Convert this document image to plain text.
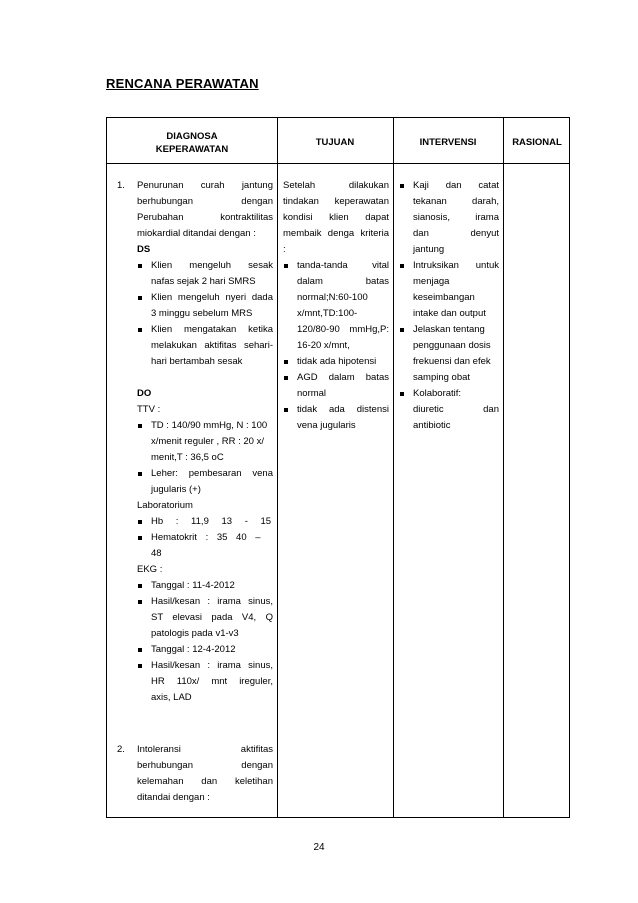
RENCANA PERAWATAN
DIAGNOSA
KEPERAWATAN
TUJUAN	INTERVENSI	RASIONAL
1. Penurunan curah jantung
berhubungan dengan
Perubahan kontraktilitas
miokardial ditandai dengan :
DS
Klien mengeluh sesak
nafas sejak 2 hari SMRS
Klien mengeluh nyeri dada
3 minggu sebelum MRS
Klien mengatakan ketika
melakukan aktifitas sehari-
hari bertambah sesak
DO
TTV :
TD : 140/90 mmHg, N : 100
x/menit reguler , RR : 20 x/
menit,T : 36,5 oC
Leher: pembesaran vena
jugularis (+)
Laboratorium
Hb : 11,9 13 - 15
Hematokrit : 35 40 –
48
EKG :
Tanggal : 11-4-2012
Hasil/kesan : irama sinus,
ST elevasi pada V4, Q
patologis pada v1-v3
Tanggal : 12-4-2012
Hasil/kesan : irama sinus,
HR 110x/ mnt ireguler,
axis, LAD
Setelah dilakukan
tindakan keperawatan
kondisi klien dapat
membaik denga kriteria
:
tanda-tanda vital
dalam batas
normal;N:60-100
x/mnt,TD:100-
120/80-90 mmHg,P:
16-20 x/mnt,
tidak ada hipotensi
AGD dalam batas
normal
tidak ada distensi
vena jugularis
Kaji dan catat
tekanan darah,
sianosis, irama
dan denyut
jantung
Intruksikan untuk
menjaga
keseimbangan
intake dan output
Jelaskan tentang
penggunaan dosis
frekuensi dan efek
samping obat
Kolaboratif:
diuretic dan
antibiotic
2. Intoleransi aktifitas
berhubungan dengan
kelemahan dan keletihan
ditandai dengan :
24
